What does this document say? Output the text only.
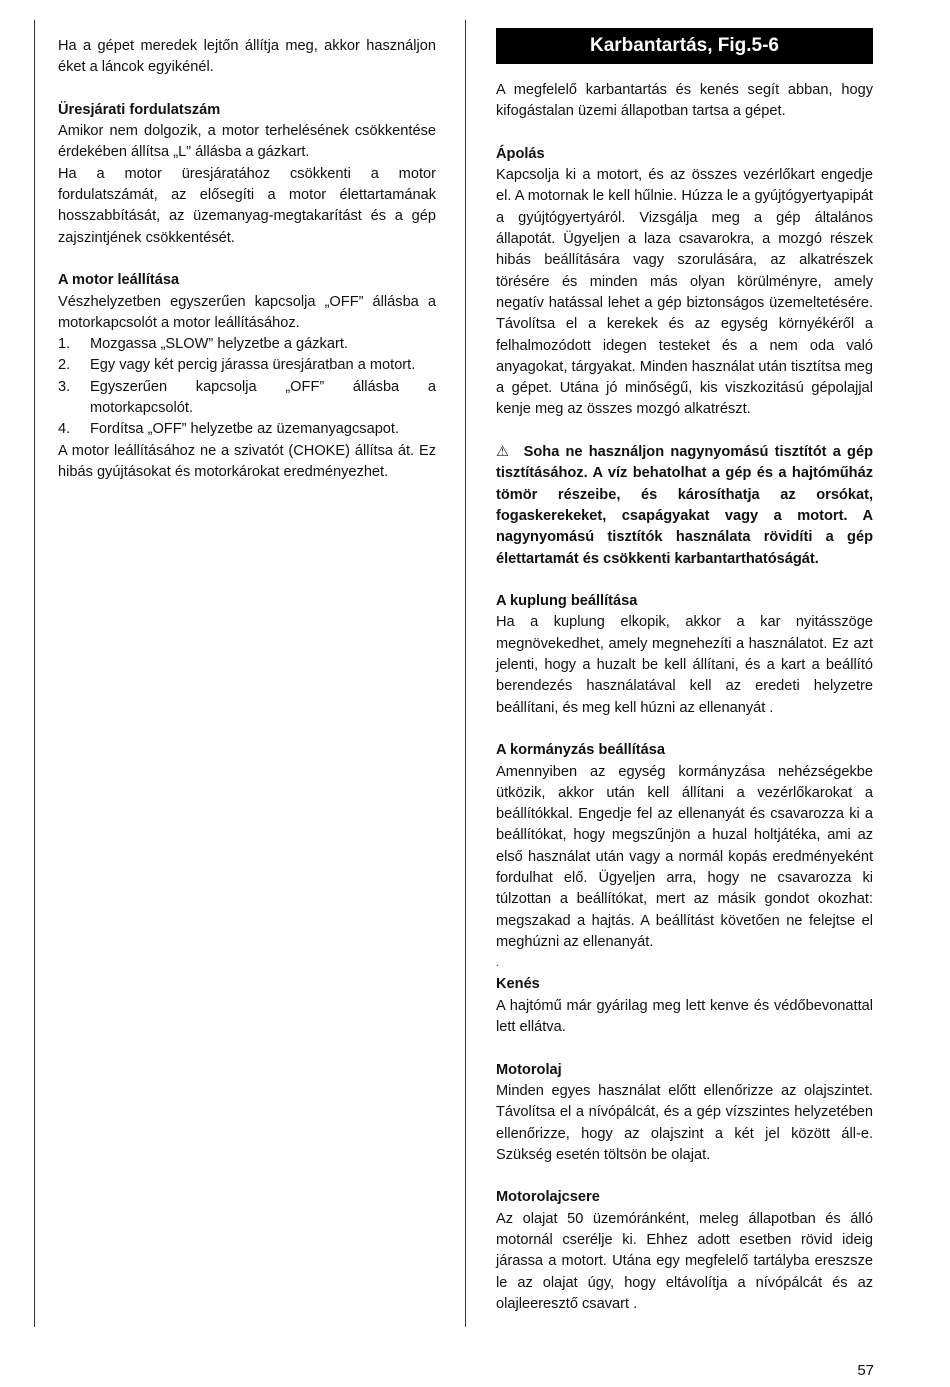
Ha a gépet meredek lejtőn állítja meg, akkor használjon éket a láncok egyikénél.

Üresjárati fordulatszám

Amikor nem dolgozik, a motor terhelésének csökkentése érdekében állítsa „L” állásba a gázkart.

Ha a motor üresjáratához csökkenti a motor fordulatszámát, az elősegíti a motor élettartamának hosszabbítását, az üzemanyag-megtakarítást és a gép zajszintjének csökkentését.

A motor leállítása

Vészhelyzetben egyszerűen kapcsolja „OFF” állásba a motorkapcsolót a motor leállításához.

1. Mozgassa „SLOW” helyzetbe a gázkart.
2. Egy vagy két percig járassa üresjáratban a motort.
3. Egyszerűen kapcsolja „OFF” állásba a motorkapcsolót.
4. Fordítsa „OFF” helyzetbe az üzemanyagcsapot.

A motor leállításához ne a szivatót (CHOKE) állítsa át. Ez hibás gyújtásokat és motorkárokat eredményezhet.

Karbantartás, Fig.5-6

A megfelelő karbantartás és kenés segít abban, hogy kifogástalan üzemi állapotban tartsa a gépet.

Ápolás

Kapcsolja ki a motort, és az összes vezérlőkart engedje el. A motornak le kell hűlnie. Húzza le a gyújtógyertyapipát a gyújtógyertyáról. Vizsgálja meg a gép általános állapotát. Ügyeljen a laza csavarokra, a mozgó részek hibás beállítására vagy szorulására, az alkatrészek törésére és minden más olyan körülményre, amely negatív hatással lehet a gép biztonságos üzemeltetésére. Távolítsa el a kerekek és az egység környékéről a felhalmozódott idegen testeket és a nem oda való anyagokat, tárgyakat. Minden használat után tisztítsa meg a gépet. Utána jó minőségű, kis viszkozitású gépolajjal kenje meg az összes mozgó alkatrészt.

⚠ Soha ne használjon nagynyomású tisztítót a gép tisztításához. A víz behatolhat a gép és a hajtóműház tömör részeibe, és károsíthatja az orsókat, fogaskerekeket, csapágyakat vagy a motort. A nagynyomású tisztítók használata rövidíti a gép élettartamát és csökkenti karbantarthatóságát.

A kuplung beállítása

Ha a kuplung elkopik, akkor a kar nyitásszöge megnövekedhet, amely megnehezíti a használatot. Ez azt jelenti, hogy a huzalt be kell állítani, és a kart a beállító berendezés használatával kell az eredeti helyzetre beállítani, és meg kell húzni az ellenanyát .

A kormányzás beállítása

Amennyiben az egység kormányzása nehézségekbe ütközik, akkor után kell állítani a vezérlőkarokat a beállítókkal. Engedje fel az ellenanyát és csavarozza ki a beállítókat, hogy megszűnjön a huzal holtjátéka, ami az első használat után vagy a normál kopás eredményeként fordulhat elő. Ügyeljen arra, hogy ne csavarozza ki túlzottan a beállítókat, mert az másik gondot okozhat: megszakad a hajtás. A beállítást követően ne felejtse el meghúzni az ellenanyát.

.

Kenés

A hajtómű már gyárilag meg lett kenve és védőbevonattal lett ellátva.

Motorolaj

Minden egyes használat előtt ellenőrizze az olajszintet. Távolítsa el a nívópálcát, és a gép vízszintes helyzetében ellenőrizze, hogy az olajszint a két jel között áll-e. Szükség esetén töltsön be olajat.

Motorolajcsere

Az olajat 50 üzemóránként, meleg állapotban és álló motornál cserélje ki. Ehhez adott esetben rövid ideig járassa a motort. Utána egy megfelelő tartályba ereszsze le az olajat úgy, hogy eltávolítja a nívópálcát és az olajleeresztő csavart .

57
